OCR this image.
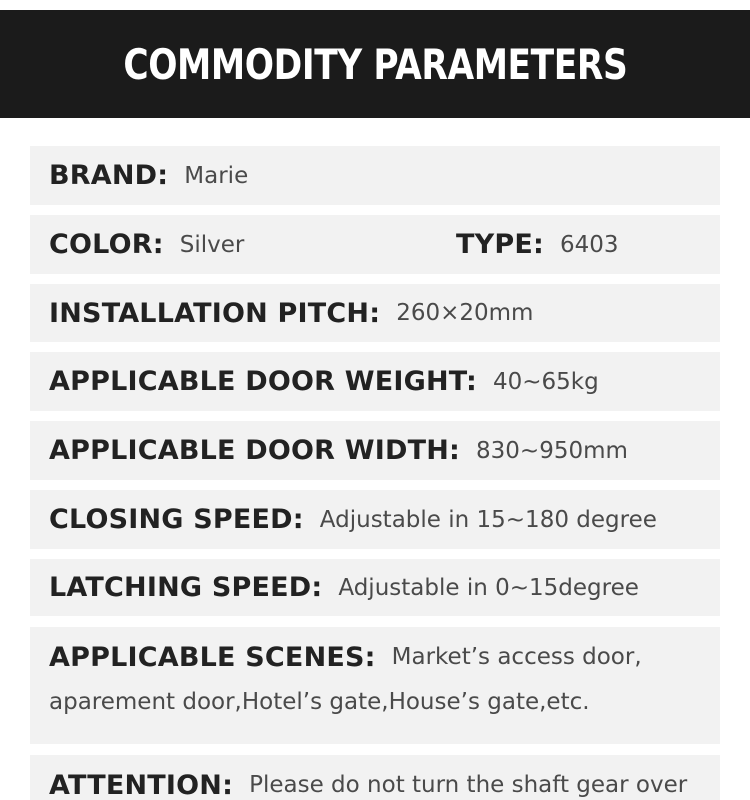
COMMODITY PARAMETERS
BRAND: Marie
COLOR: Silver	TYPE: 6403
INSTALLATION PITCH: 260×20mm
APPLICABLE DOOR WEIGHT: 40~65kg
APPLICABLE DOOR WIDTH: 830~950mm
CLOSING SPEED: Adjustable in 15~180 degree
LATCHING SPEED: Adjustable in 0~15degree
APPLICABLE SCENES: Market’s access door,
aparement door,Hotel’s gate,House’s gate,etc.
ATTENTION: Please do not turn the shaft gear over
